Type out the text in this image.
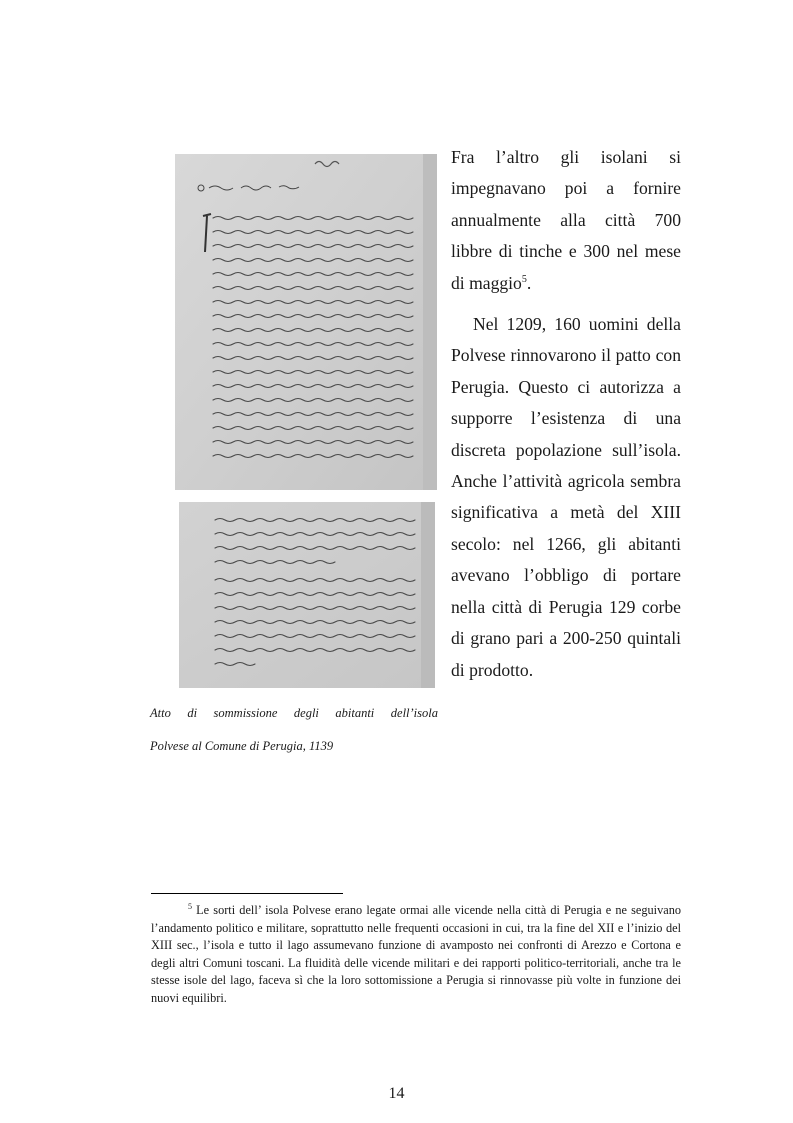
Atto di sommissione degli abitanti dell’isola
Polvese al Comune di Perugia, 1139

Fra l’altro gli isolani si impegnavano poi a fornire annualmente alla città 700 libbre di tinche e 300 nel mese di maggio$^5$.

Nel 1209, 160 uomini della Polvese rinnovarono il patto con Perugia. Questo ci autorizza a supporre l’esistenza di una discreta popolazione sull’isola. Anche l’attività agricola sembra significativa a metà del XIII secolo: nel 1266, gli abitanti avevano l’obbligo di portare nella città di Perugia 129 corbe di grano pari a 200-250 quintali di prodotto.

$^5$ Le sorti dell’ isola Polvese erano legate ormai alle vicende nella città di Perugia e ne seguivano l’andamento politico e militare, soprattutto nelle frequenti occasioni in cui, tra la fine del XII e l’inizio del XIII sec., l’isola e tutto il lago assumevano funzione di avamposto nei confronti di Arezzo e Cortona e degli altri Comuni toscani. La fluidità delle vicende militari e dei rapporti politico-territoriali, anche tra le stesse isole del lago, faceva sì che la loro sottomissione a Perugia si rinnovasse più volte in funzione dei nuovi equilibri.
14
